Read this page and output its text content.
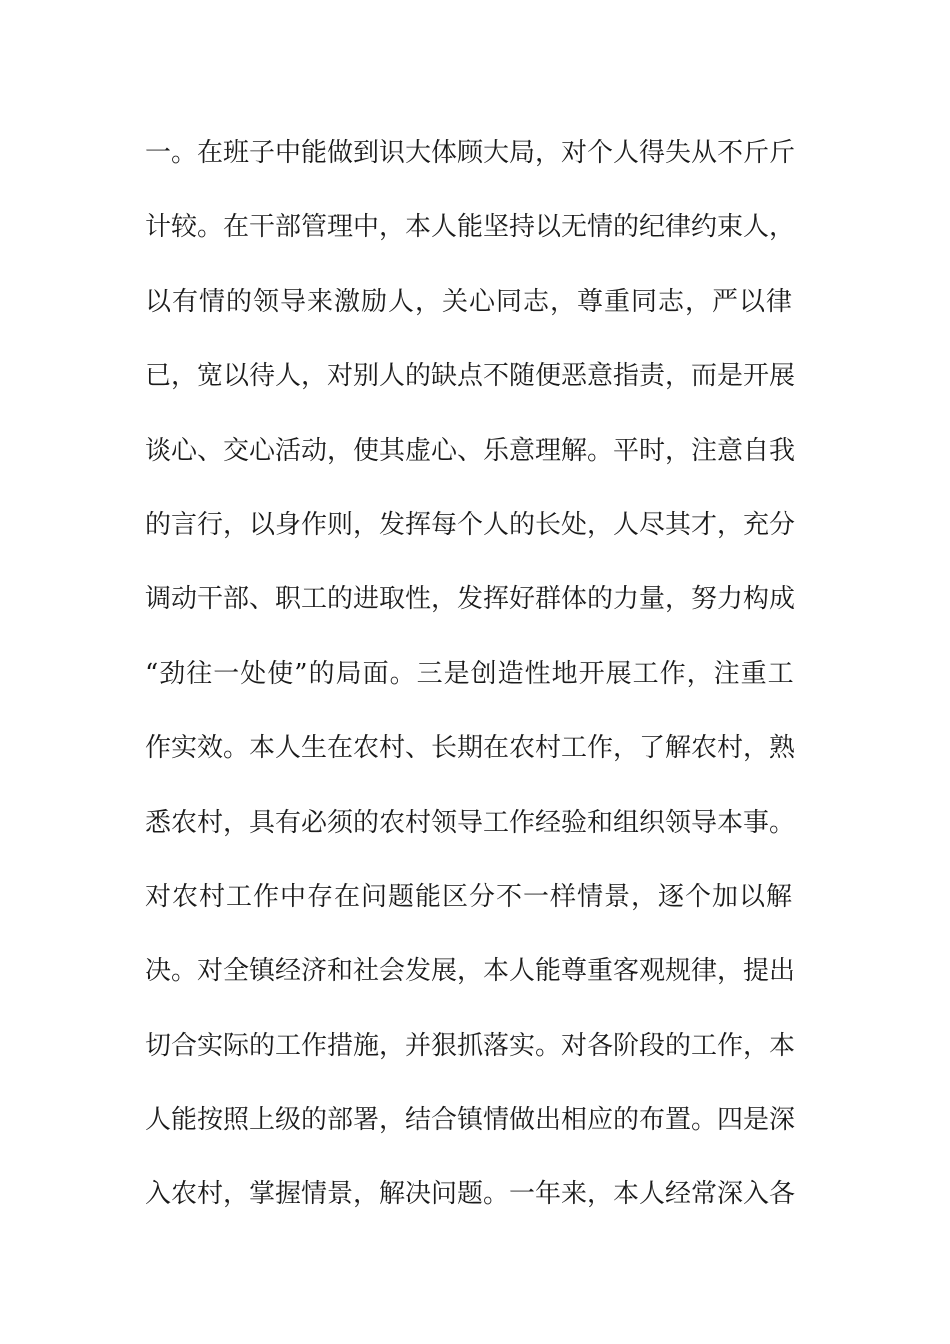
一。在班子中能做到识大体顾大局，对个人得失从不斤斤
计较。在干部管理中，本人能坚持以无情的纪律约束人，
以有情的领导来激励人，关心同志，尊重同志，严以律
已，宽以待人，对别人的缺点不随便恶意指责，而是开展
谈心、交心活动，使其虚心、乐意理解。平时，注意自我
的言行，以身作则，发挥每个人的长处，人尽其才，充分
调动干部、职工的进取性，发挥好群体的力量，努力构成
“劲往一处使”的局面。三是创造性地开展工作，注重工
作实效。本人生在农村、长期在农村工作，了解农村，熟
悉农村，具有必须的农村领导工作经验和组织领导本事。
对农村工作中存在问题能区分不一样情景，逐个加以解
决。对全镇经济和社会发展，本人能尊重客观规律，提出
切合实际的工作措施，并狠抓落实。对各阶段的工作，本
人能按照上级的部署，结合镇情做出相应的布置。四是深
入农村，掌握情景，解决问题。一年来，本人经常深入各
